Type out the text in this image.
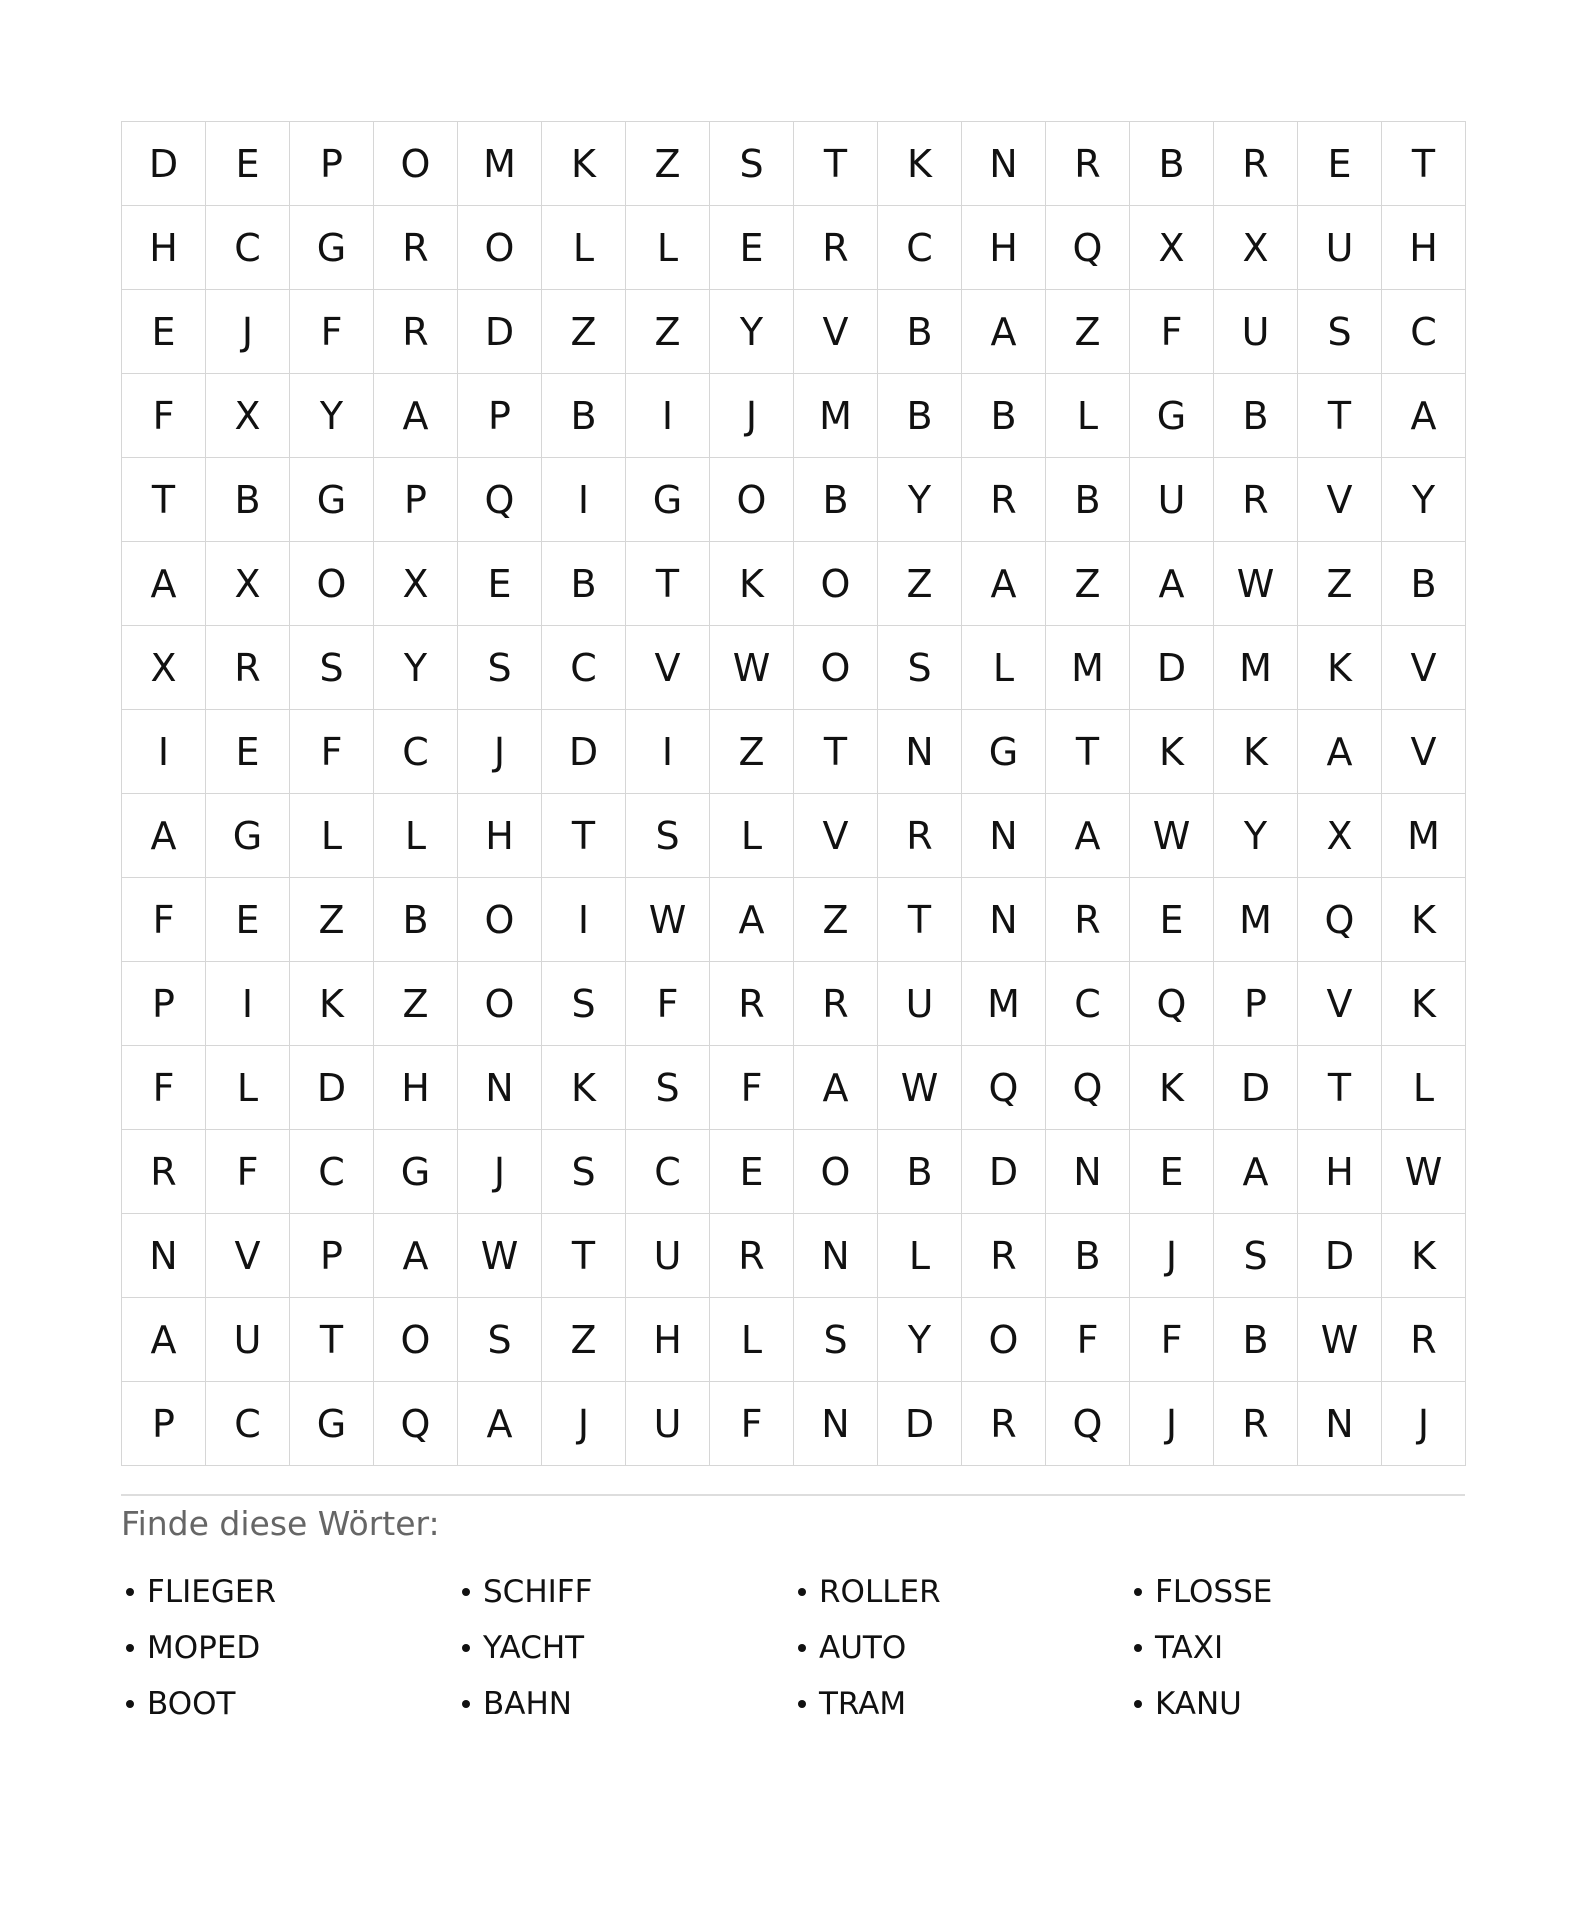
D	E	P	O	M	K	Z	S	T	K	N	R	B	R	E	T
H	C	G	R	O	L	L	E	R	C	H	Q	X	X	U	H
E	J	F	R	D	Z	Z	Y	V	B	A	Z	F	U	S	C
F	X	Y	A	P	B	I	J	M	B	B	L	G	B	T	A
T	B	G	P	Q	I	G	O	B	Y	R	B	U	R	V	Y
A	X	O	X	E	B	T	K	O	Z	A	Z	A	W	Z	B
X	R	S	Y	S	C	V	W	O	S	L	M	D	M	K	V
I	E	F	C	J	D	I	Z	T	N	G	T	K	K	A	V
A	G	L	L	H	T	S	L	V	R	N	A	W	Y	X	M
F	E	Z	B	O	I	W	A	Z	T	N	R	E	M	Q	K
P	I	K	Z	O	S	F	R	R	U	M	C	Q	P	V	K
F	L	D	H	N	K	S	F	A	W	Q	Q	K	D	T	L
R	F	C	G	J	S	C	E	O	B	D	N	E	A	H	W
N	V	P	A	W	T	U	R	N	L	R	B	J	S	D	K
A	U	T	O	S	Z	H	L	S	Y	O	F	F	B	W	R
P	C	G	Q	A	J	U	F	N	D	R	Q	J	R	N	J
Finde diese Wörter:
FLIEGER	SCHIFF	ROLLER	FLOSSE
MOPED	YACHT	AUTO	TAXI
BOOT	BAHN	TRAM	KANU
